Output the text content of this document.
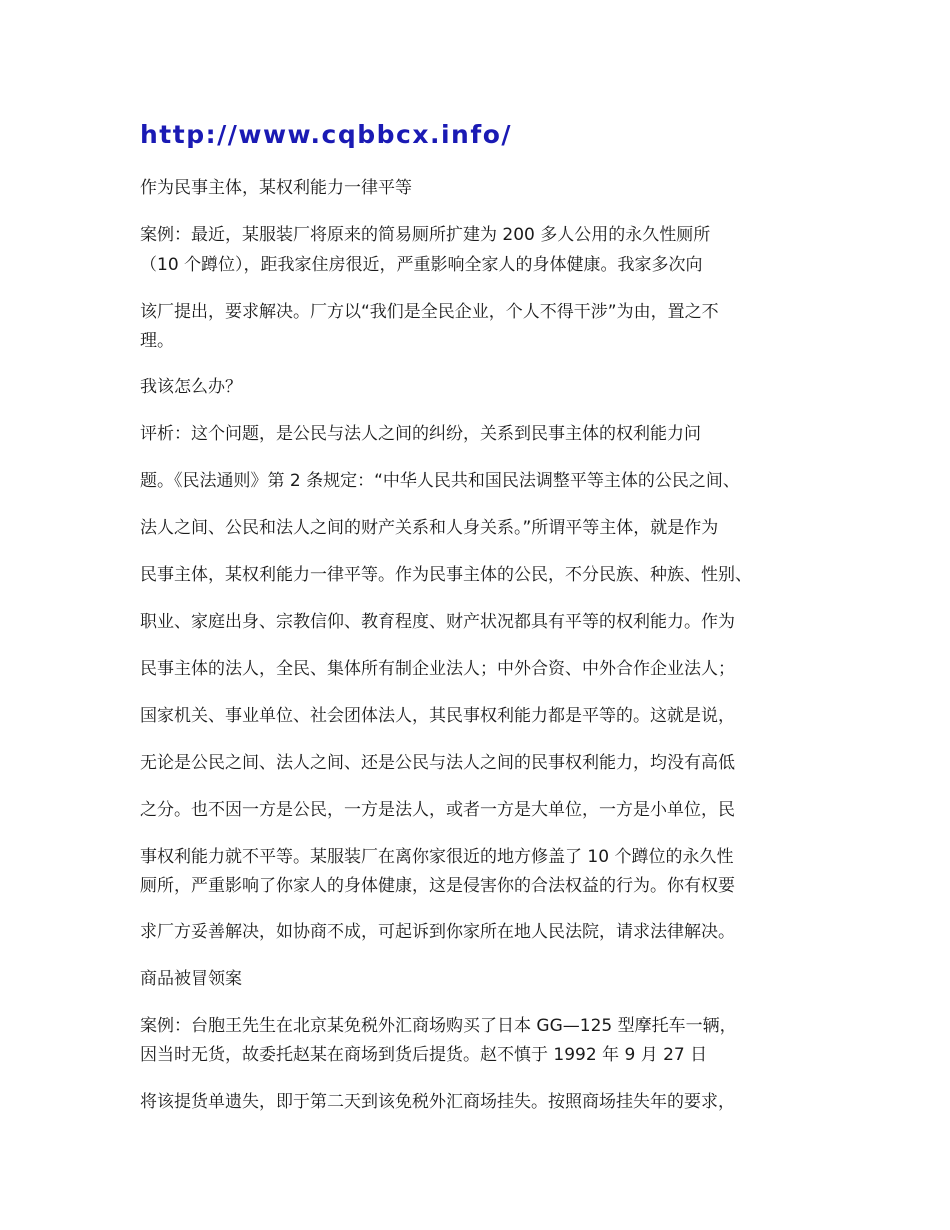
http://www.cqbbcx.info/
作为民事主体，某权利能力一律平等
案例：最近，某服装厂将原来的简易厕所扩建为 200 多人公用的永久性厕所
（10 个蹲位），距我家住房很近，严重影响全家人的身体健康。我家多次向
该厂提出，要求解决。厂方以“我们是全民企业，个人不得干涉”为由，置之不
理。
我该怎么办？
评析：这个问题，是公民与法人之间的纠纷，关系到民事主体的权利能力问
题。《民法通则》第 2 条规定：“中华人民共和国民法调整平等主体的公民之间、
法人之间、公民和法人之间的财产关系和人身关系。”所谓平等主体，就是作为
民事主体，某权利能力一律平等。作为民事主体的公民，不分民族、种族、性别、
职业、家庭出身、宗教信仰、教育程度、财产状况都具有平等的权利能力。作为
民事主体的法人，全民、集体所有制企业法人；中外合资、中外合作企业法人；
国家机关、事业单位、社会团体法人，其民事权利能力都是平等的。这就是说，
无论是公民之间、法人之间、还是公民与法人之间的民事权利能力，均没有高低
之分。也不因一方是公民，一方是法人，或者一方是大单位，一方是小单位，民
事权利能力就不平等。某服装厂在离你家很近的地方修盖了 10 个蹲位的永久性
厕所，严重影响了你家人的身体健康，这是侵害你的合法权益的行为。你有权要
求厂方妥善解决，如协商不成，可起诉到你家所在地人民法院，请求法律解决。
商品被冒领案
案例：台胞王先生在北京某免税外汇商场购买了日本 GG—125 型摩托车一辆，
因当时无货，故委托赵某在商场到货后提货。赵不慎于 1992 年 9 月 27 日
将该提货单遗失，即于第二天到该免税外汇商场挂失。按照商场挂失年的要求，
